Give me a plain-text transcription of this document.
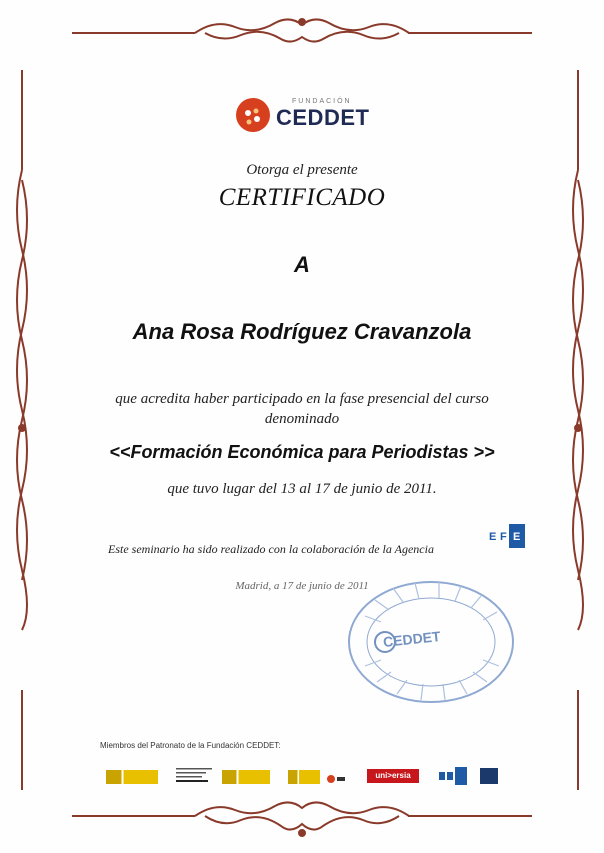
FUNDACIÓN
CEDDET
Otorga el presente
CERTIFICADO
A
Ana Rosa Rodríguez Cravanzola
que acredita haber participado en la fase presencial del curso
denominado
<<Formación Económica para Periodistas >>
que tuvo lugar del 13 al 17 de junio de 2011.
E F E
Este seminario ha sido realizado con la colaboración de la Agencia
Madrid, a 17 de junio de 2011
CEDDET
Miembros del Patronato de la Fundación CEDDET:
uni>ersia
